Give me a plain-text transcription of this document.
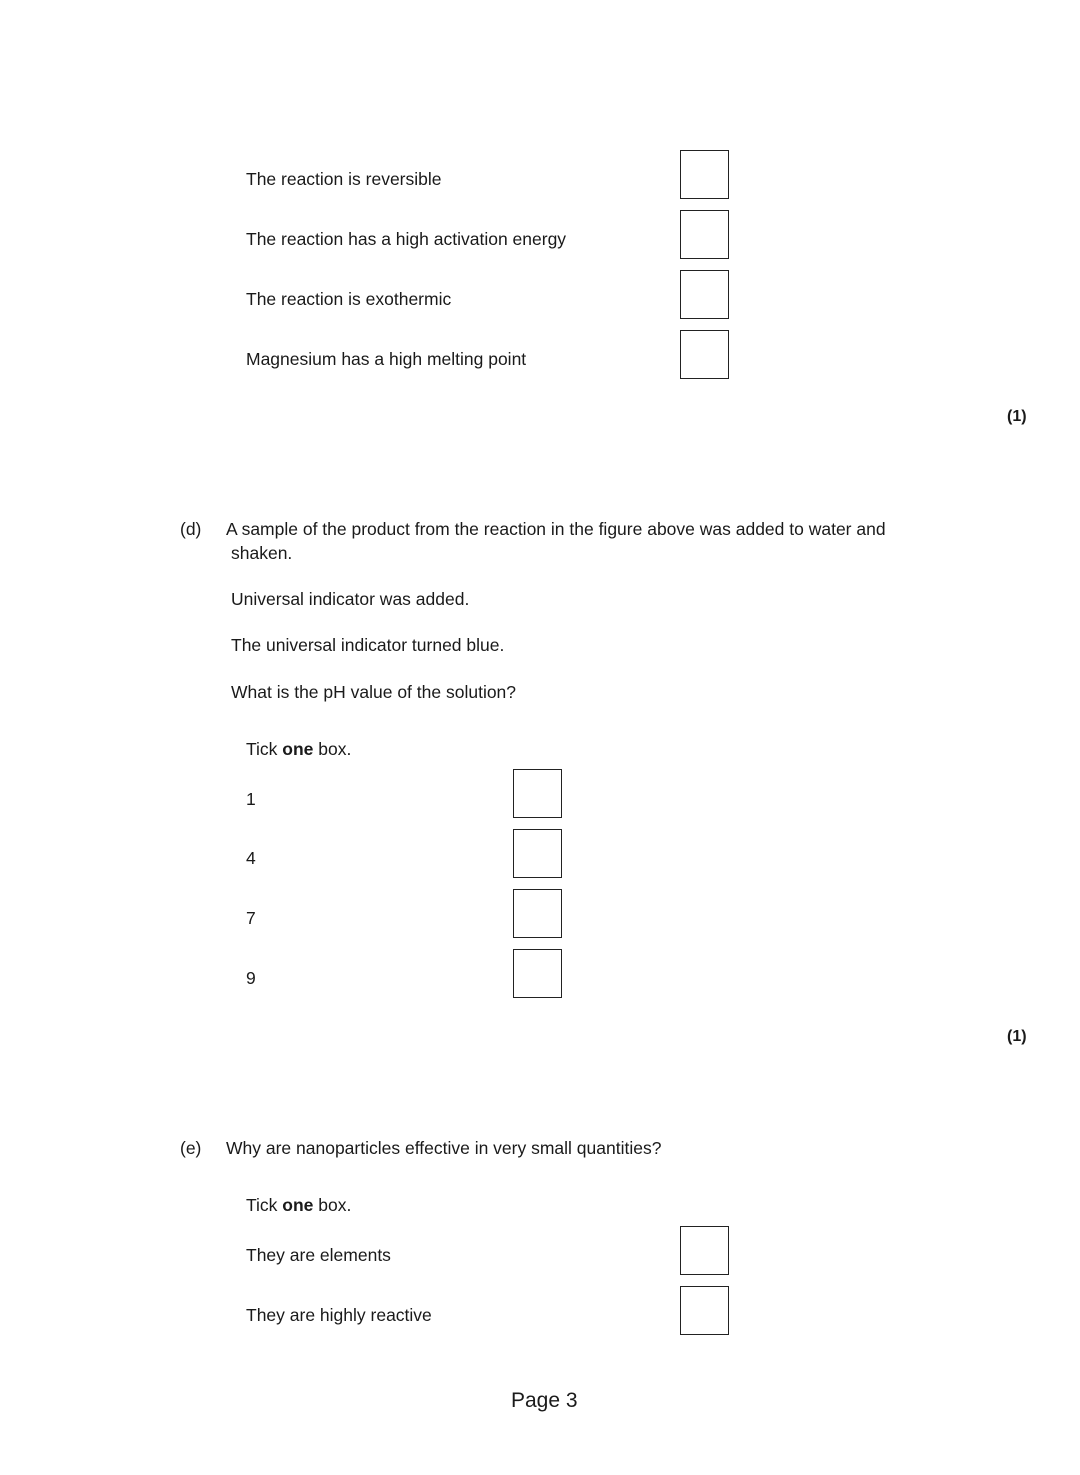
The reaction is reversible
The reaction has a high activation energy
The reaction is exothermic
Magnesium has a high melting point
(1)
(d) A sample of the product from the reaction in the figure above was added to water and
shaken.
Universal indicator was added.
The universal indicator turned blue.
What is the pH value of the solution?
Tick one box.
1
4
7
9
(1)
(e) Why are nanoparticles effective in very small quantities?
Tick one box.
They are elements
They are highly reactive
Page 3
